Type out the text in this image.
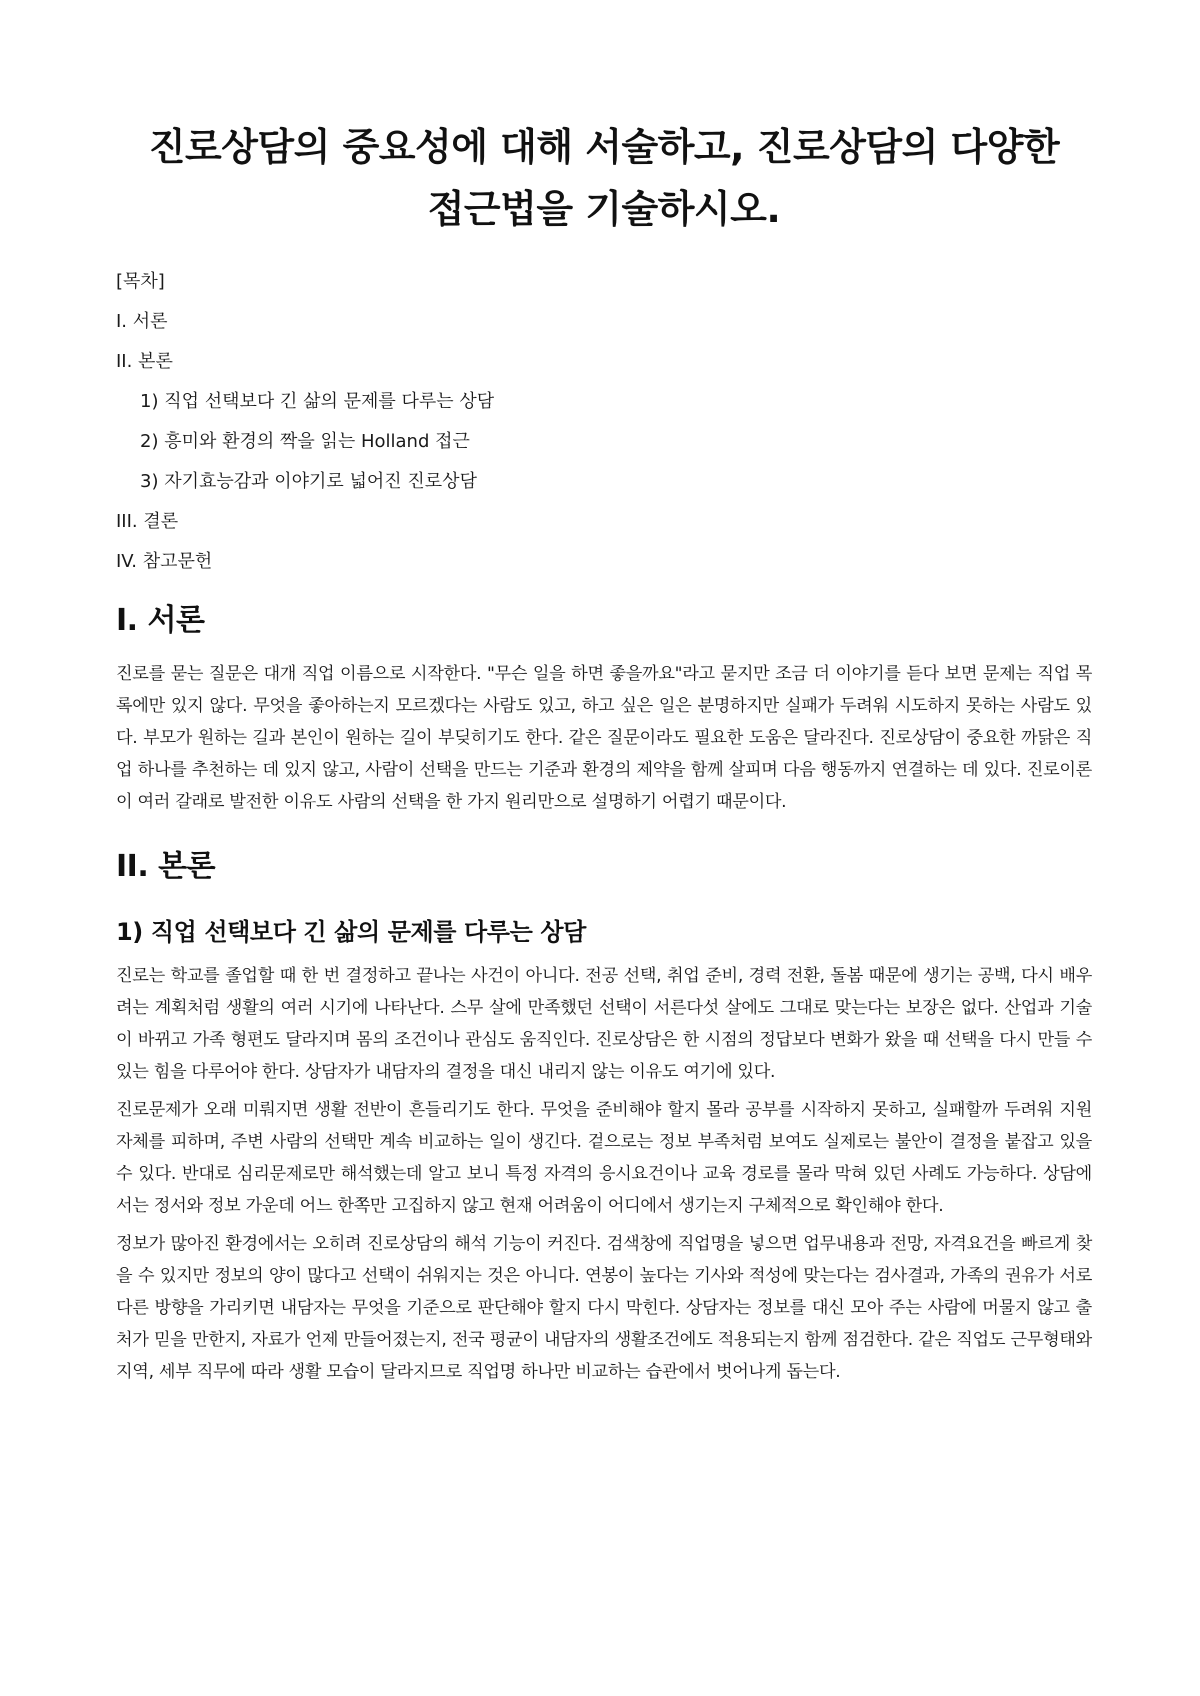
진로상담의 중요성에 대해 서술하고, 진로상담의 다양한 접근법을 기술하시오.
[목차]
I. 서론
II. 본론
1) 직업 선택보다 긴 삶의 문제를 다루는 상담
2) 흥미와 환경의 짝을 읽는 Holland 접근
3) 자기효능감과 이야기로 넓어진 진로상담
III. 결론
IV. 참고문헌
I. 서론

진로를 묻는 질문은 대개 직업 이름으로 시작한다. "무슨 일을 하면 좋을까요"라고 묻지만 조금 더 이야기를 듣다 보면 문제는 직업 목록에만 있지 않다. 무엇을 좋아하는지 모르겠다는 사람도 있고, 하고 싶은 일은 분명하지만 실패가 두려워 시도하지 못하는 사람도 있다. 부모가 원하는 길과 본인이 원하는 길이 부딪히기도 한다. 같은 질문이라도 필요한 도움은 달라진다. 진로상담이 중요한 까닭은 직업 하나를 추천하는 데 있지 않고, 사람이 선택을 만드는 기준과 환경의 제약을 함께 살피며 다음 행동까지 연결하는 데 있다. 진로이론이 여러 갈래로 발전한 이유도 사람의 선택을 한 가지 원리만으로 설명하기 어렵기 때문이다.

II. 본론
1) 직업 선택보다 긴 삶의 문제를 다루는 상담

진로는 학교를 졸업할 때 한 번 결정하고 끝나는 사건이 아니다. 전공 선택, 취업 준비, 경력 전환, 돌봄 때문에 생기는 공백, 다시 배우려는 계획처럼 생활의 여러 시기에 나타난다. 스무 살에 만족했던 선택이 서른다섯 살에도 그대로 맞는다는 보장은 없다. 산업과 기술이 바뀌고 가족 형편도 달라지며 몸의 조건이나 관심도 움직인다. 진로상담은 한 시점의 정답보다 변화가 왔을 때 선택을 다시 만들 수 있는 힘을 다루어야 한다. 상담자가 내담자의 결정을 대신 내리지 않는 이유도 여기에 있다.

진로문제가 오래 미뤄지면 생활 전반이 흔들리기도 한다. 무엇을 준비해야 할지 몰라 공부를 시작하지 못하고, 실패할까 두려워 지원 자체를 피하며, 주변 사람의 선택만 계속 비교하는 일이 생긴다. 겉으로는 정보 부족처럼 보여도 실제로는 불안이 결정을 붙잡고 있을 수 있다. 반대로 심리문제로만 해석했는데 알고 보니 특정 자격의 응시요건이나 교육 경로를 몰라 막혀 있던 사례도 가능하다. 상담에서는 정서와 정보 가운데 어느 한쪽만 고집하지 않고 현재 어려움이 어디에서 생기는지 구체적으로 확인해야 한다.

정보가 많아진 환경에서는 오히려 진로상담의 해석 기능이 커진다. 검색창에 직업명을 넣으면 업무내용과 전망, 자격요건을 빠르게 찾을 수 있지만 정보의 양이 많다고 선택이 쉬워지는 것은 아니다. 연봉이 높다는 기사와 적성에 맞는다는 검사결과, 가족의 권유가 서로 다른 방향을 가리키면 내담자는 무엇을 기준으로 판단해야 할지 다시 막힌다. 상담자는 정보를 대신 모아 주는 사람에 머물지 않고 출처가 믿을 만한지, 자료가 언제 만들어졌는지, 전국 평균이 내담자의 생활조건에도 적용되는지 함께 점검한다. 같은 직업도 근무형태와 지역, 세부 직무에 따라 생활 모습이 달라지므로 직업명 하나만 비교하는 습관에서 벗어나게 돕는다.
